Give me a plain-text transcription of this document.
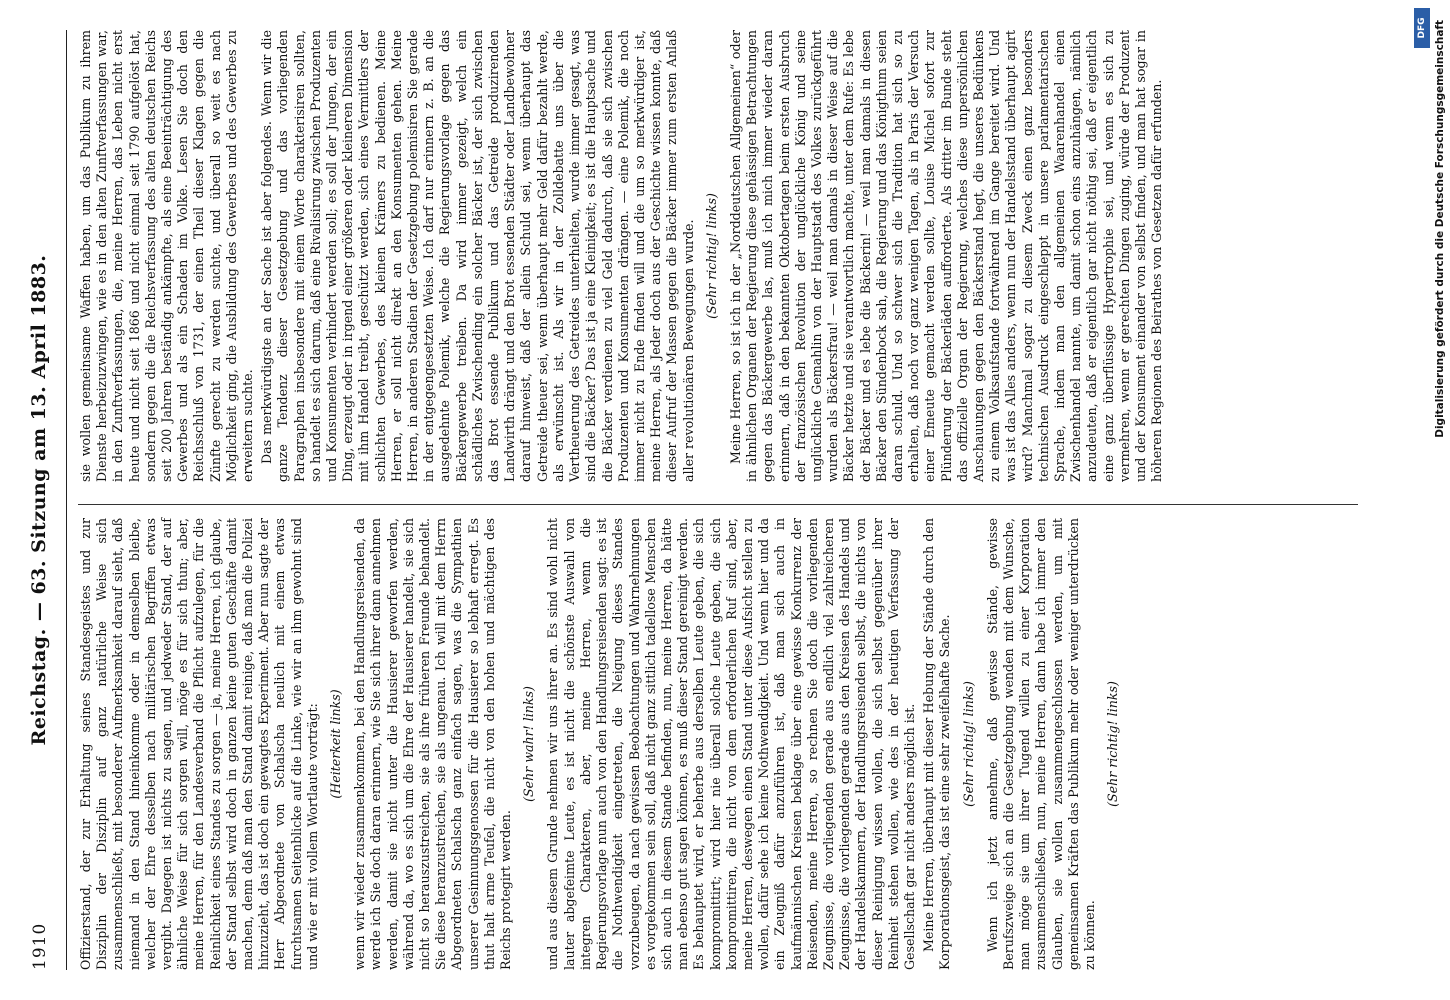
1910
Reichstag. — 63. Sitzung am 13. April 1883. Offizierstand, der zur Erhaltung seines Standesgeistes und zur Disziplin der Disziplin auf ganz natürliche Weise sich zusammenschließt, mit besonderer Aufmerksamkeit darauf sieht, daß niemand in den Stand hineinkomme oder in demselben bleibe, welcher der Ehre desselben nach militärischen Begriffen etwas vergibt. Dagegen ist nichts zu sagen, und jedweder Stand, der auf ähnliche Weise für sich sorgen will, möge es für sich thun; aber, meine Herren, für den Landesverband die Pflicht aufzulegen, für die Reinlichkeit eines Standes zu sorgen — ja, meine Herren, ich glaube, der Stand selbst wird doch in ganzen keine guten Geschäfte damit machen, denn daß man den Stand damit reinige, daß man die Polizei hinzuzieht, das ist doch ein gewagtes Experiment. Aber nun sagte der Herr Abgeordnete von Schalscha neulich mit einem etwas furchtsamen Seitenblicke auf die Linke, wie wir an ihm gewohnt sind und wie er mit vollem Wortlaute vorträgt: (Heiterkeit links) wenn wir wieder zusammenkommen, bei den Handlungsreisenden, da werde ich Sie doch daran erinnern, wie Sie sich ihrer dann annehmen werden, damit sie nicht unter die Hausierer geworfen werden, während da, wo es sich um die Ehre der Hausierer handelt, sie sich nicht so herauszustreichen, sie als ihre früheren Freunde behandelt. Sie diese heranzustreichen, sie als ungenau. Ich will mit dem Herrn Abgeordneten Schalscha ganz einfach sagen, was die Sympathien unserer Gesinnungsgenossen für die Hausierer so lebhaft erregt. Es thut halt arme Teufel, die nicht von den hohen und mächtigen des Reichs protegirt werden.

(Sehr wahr! links) und aus diesem Grunde nehmen wir uns ihrer an. Es sind wohl nicht lauter abgefeimte Leute, es ist nicht die schönste Auswahl von integren Charakteren, aber, meine Herren, wenn die Regierungsvorlage nun auch von den Handlungsreisenden sagt: es ist die Nothwendigkeit eingetreten, die Neigung dieses Standes vorzubeugen, da nach gewissen Beobachtungen und Wahrnehmungen es vorgekommen sein soll, daß nicht ganz sittlich tadellose Menschen sich auch in diesem Stande befinden, nun, meine Herren, da hätte man ebenso gut sagen können, es muß dieser Stand gereinigt werden. Es behauptet wird, er beherbe aus derselben Leute geben, die sich kompromittirt; wird hier nie überall solche Leute geben, die sich kompromittiren, die nicht von dem erforderlichen Ruf sind, aber, meine Herren, deswegen einen Stand unter diese Aufsicht stellen zu wollen, dafür sehe ich keine Nothwendigkeit. Und wenn hier und da ein Zeugniß dafür anzuführen ist, daß man sich auch in kaufmännischen Kreisen beklage über eine gewisse Konkurrenz der Reisenden, meine Herren, so rechnen Sie doch die vorliegenden Zeugnisse, die vorliegenden gerade aus endlich viel zahlreicheren Zeugnisse, die vorliegenden gerade aus den Kreisen des Handels und der Handelskammern, der Handlungsreisenden selbst, die nichts von dieser Reinigung wissen wollen, die sich selbst gegenüber ihrer Reinheit stehen wollen, wie des in der heutigen Verfassung der Gesellschaft gar nicht anders möglich ist. Meine Herren, überhaupt mit dieser Hebung der Stände durch den Korporationsgeist, das ist eine sehr zweifelhafte Sache. (Sehr richtig! links) Wenn ich jetzt annehme, daß gewisse Stände, gewisse Berufszweige sich an die Gesetzgebung wenden mit dem Wunsche, man möge sie um ihrer Tugend willen zu einer Korporation zusammenschließen, nun, meine Herren, dann habe ich immer den Glauben, sie wollen zusammengeschlossen werden, um mit gemeinsamen Kräften das Publikum mehr oder weniger unterdrücken zu können.

(Sehr richtig! links)

sie wollen gemeinsame Waffen haben, um das Publikum zu ihrem Dienste herbeizuzwingen, wie es in den alten Zunftverfassungen war, in den Zunftverfassungen, die, meine Herren, das Leben nicht erst heute und nicht seit 1866 und nicht einmal seit 1790 aufgelöst hat, sondern gegen die die Reichsverfassung des alten deutschen Reichs seit 200 Jahren beständig ankämpfte, als eine Beeinträchtigung des Gewerbes und als ein Schaden im Volke. Lesen Sie doch den Reichsschluß von 1731, der einen Theil dieser Klagen gegen die Zünfte gerecht zu werden suchte, und überall so weit es nach Möglichkeit ging, die Ausbildung des Gewerbes und des Gewerbes zu erweitern suchte. Das merkwürdigste an der Sache ist aber folgendes. Wenn wir die ganze Tendenz dieser Gesetzgebung und das vorliegenden Paragraphen insbesondere mit einem Worte charakterisiren sollten, so handelt es sich darum, daß eine Rivalisirung zwischen Produzenten und Konsumenten verhindert werden soll; es soll der Jungen, der ein Ding, erzeugt oder in irgend einer größeren oder kleineren Dimension mit ihm Handel treibt, geschützt werden, sich eines Vermittlers der schlichten Gewerbes, des kleinen Krämers zu bedienen. Meine Herren, er soll nicht direkt an den Konsumenten gehen. Meine Herren, in anderen Stadien der Gesetzgebung polemisiren Sie gerade in der entgegengesetzten Weise. Ich darf nur erinnern z. B. an die ausgedehnte Polemik, welche die Regierungsvorlage gegen das Bäckergewerbe treiben. Da wird immer gezeigt, welch ein schädliches Zwischending ein solcher Bäcker ist, der sich zwischen das Brot essende Publikum und das Getreide produzirenden Landwirth drängt und den Brot essenden Städter oder Landbewohner darauf hinweist, daß der allein Schuld sei, wenn überhaupt das Getreide theuer sei, wenn überhaupt mehr Geld dafür bezahlt werde, als erwünscht ist. Als wir in der Zolldebatte uns über die Vertheuerung des Getreides unterhielten, wurde immer gesagt, was sind die Bäcker? Das ist ja eine Kleinigkeit; es ist die Hauptsache und die Bäcker verdienen zu viel Geld dadurch, daß sie sich zwischen Produzenten und Konsumenten drängen. — eine Polemik, die noch immer nicht zu Ende finden will und die um so merkwürdiger ist, meine Herren, als Jeder doch aus der Geschichte wissen konnte, daß dieser Aufruf der Massen gegen die Bäcker immer zum ersten Anlaß aller revolutionären Bewegungen wurde. (Sehr richtig! links) Meine Herren, so ist ich in der „Norddeutschen Allgemeinen“ oder in ähnlichen Organen der Regierung diese gehässigen Betrachtungen gegen das Bäckergewerbe las, muß ich mich immer wieder daran erinnern, daß in den bekannten Oktobertagen beim ersten Ausbruch der französischen Revolution der unglückliche König und seine unglückliche Gemahlin von der Hauptstadt des Volkes zurückgeführt wurden als Bäckersfrau! — weil man damals in dieser Weise auf die Bäcker hetzte und sie verantwortlich machte, unter dem Rufe: Es lebe der Bäcker und es lebe die Bäckerin! — weil man damals in diesen Bäcker den Sündenbock sah, die Regierung und das Königthum seien daran schuld. Und so schwer sich die Tradition hat sich so zu erhalten, daß noch vor ganz wenigen Tagen, als in Paris der Versuch einer Emeute gemacht werden sollte, Louise Michel sofort zur Plünderung der Bäckerläden aufforderte. Als dritter im Bunde steht das offizielle Organ der Regierung, welches diese unpersönlichen Anschauungen gegen den Bäckerstand hegt, die unseres Bedünkens zu einem Volksaufstande fortwährend im Gange bereitet wird. Und was ist das Alles anders, wenn nun der Handelsstand überhaupt agirt wird? Manchmal sogar zu diesem Zweck einen ganz besonders technischen Ausdruck eingeschleppt in unsere parlamentarischen Sprache, indem man den allgemeinen Waarenhandel einen Zwischenhandel nannte, um damit schon eins anzuhängen, nämlich anzudeuten, daß er eigentlich gar nicht nöthig sei, daß er eigentlich eine ganz überflüssige Hypertrophie sei, und wenn es sich zu vermehren, wenn er gerechten Dingen zuging, würde der Produzent und der Konsument einander von selbst finden, und man hat sogar in höheren Regionen des Beirathes von Gesetzen dafür erfunden.	Digitalisierung gefördert durch die Deutsche Forschungsgemeinschaft
DFG
